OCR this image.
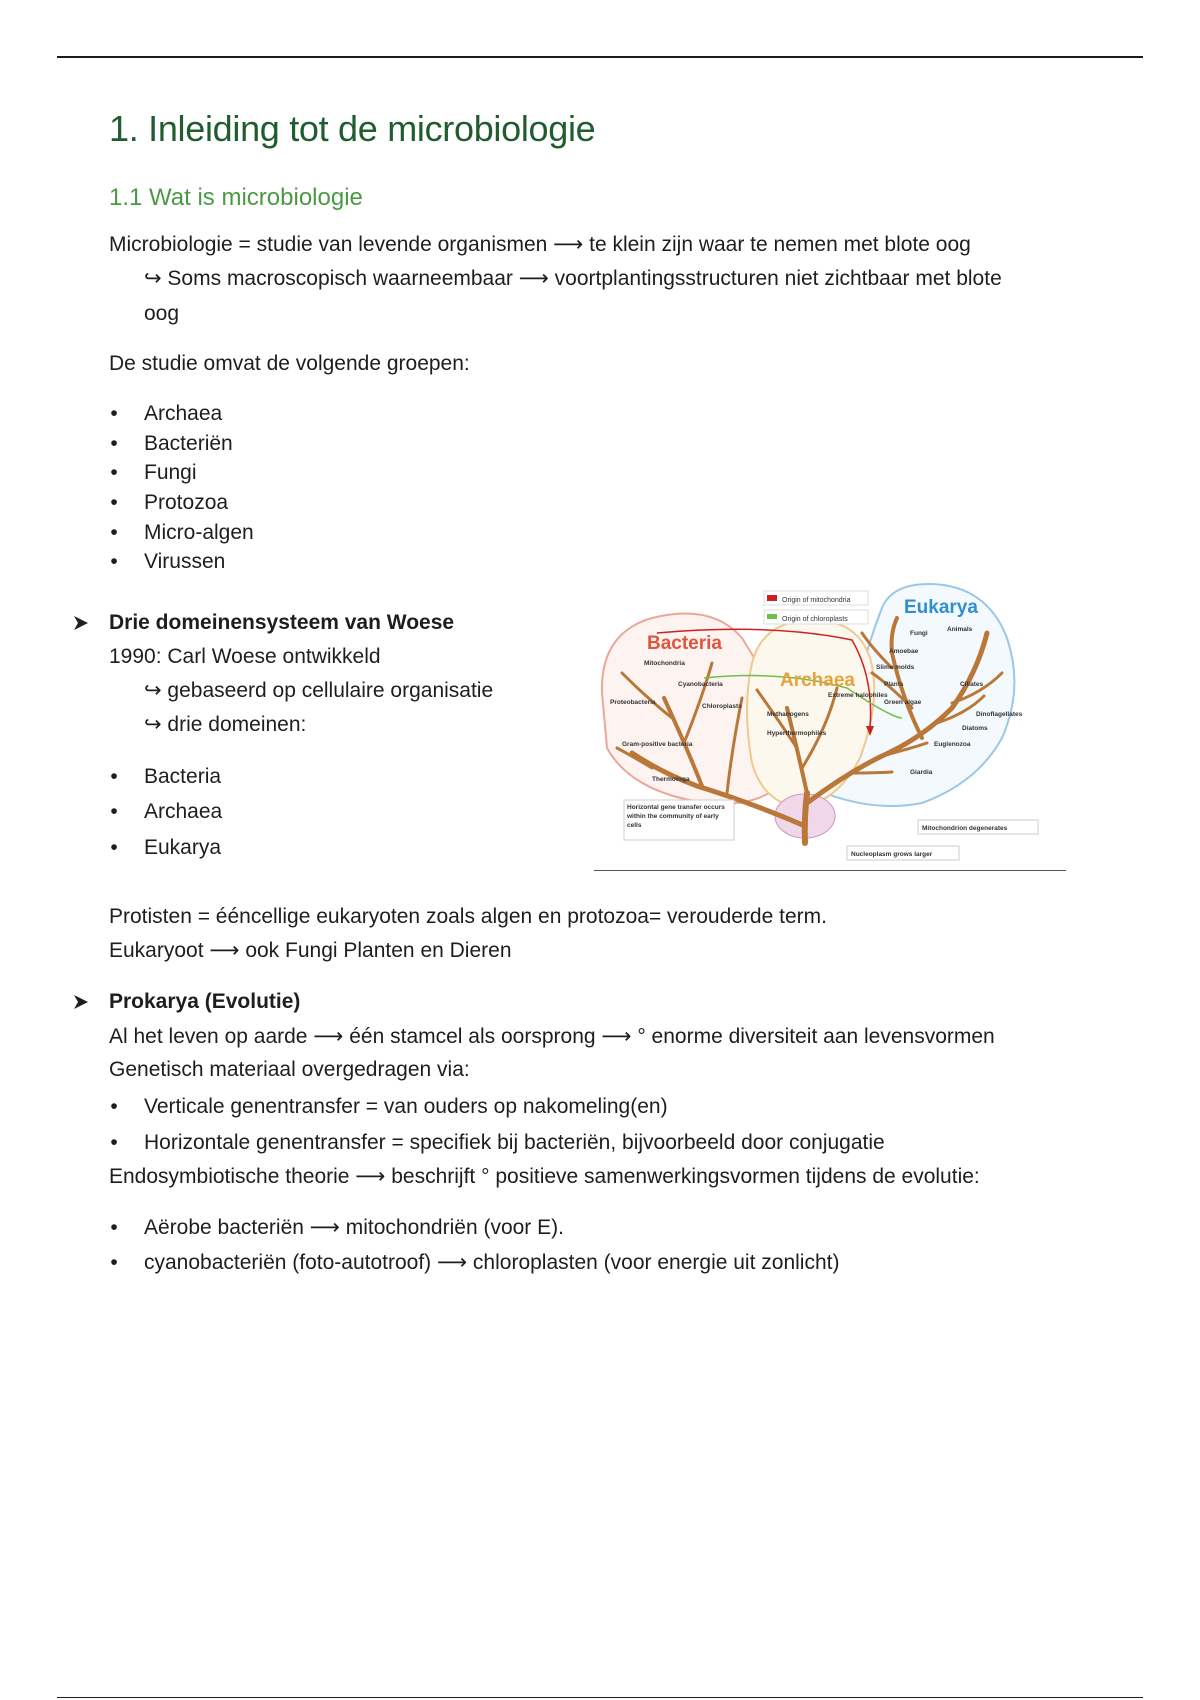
1. Inleiding tot de microbiologie
1.1 Wat is microbiologie
Microbiologie = studie van levende organismen ⟶ te klein zijn waar te nemen met blote oog
↪ Soms macroscopisch waarneembaar ⟶ voortplantingsstructuren niet zichtbaar met blote
oog
De studie omvat de volgende groepen:
• Archaea
• Bacteriën
• Fungi
• Protozoa
• Micro-algen
• Virussen
Drie domeinensysteem van Woese
1990: Carl Woese ontwikkeld
↪ gebaseerd op cellulaire organisatie
↪ drie domeinen:
• Bacteria
• Archaea
• Eukarya
Origin of mitochondria
Origin of chloroplasts
Bacteria
Archaea
Eukarya
Mitochondria
Cyanobacteria
Proteobacteria
Chloroplasts
Gram-positive bacteria
Thermotoga
Methanogens
Extreme halophiles
Hyperthermophiles
Fungi
Animals
Amoebae
Slime molds
Plants
Green algae
Ciliates
Dinoflagellates
Diatoms
Euglenozoa
Giardia
Horizontal gene transfer occurs within the community of early cells	Mitochondrion degenerates
Nucleoplasm grows larger
Protisten = ééncellige eukaryoten zoals algen en protozoa= verouderde term.
Eukaryoot ⟶ ook Fungi Planten en Dieren
Prokarya (Evolutie)
Al het leven op aarde ⟶ één stamcel als oorsprong ⟶ ° enorme diversiteit aan levensvormen
Genetisch materiaal overgedragen via:
• Verticale genentransfer = van ouders op nakomeling(en)
• Horizontale genentransfer = specifiek bij bacteriën, bijvoorbeeld door conjugatie
Endosymbiotische theorie ⟶ beschrijft ° positieve samenwerkingsvormen tijdens de evolutie:
• Aërobe bacteriën ⟶ mitochondriën (voor E).
• cyanobacteriën (foto-autotroof) ⟶ chloroplasten (voor energie uit zonlicht)
